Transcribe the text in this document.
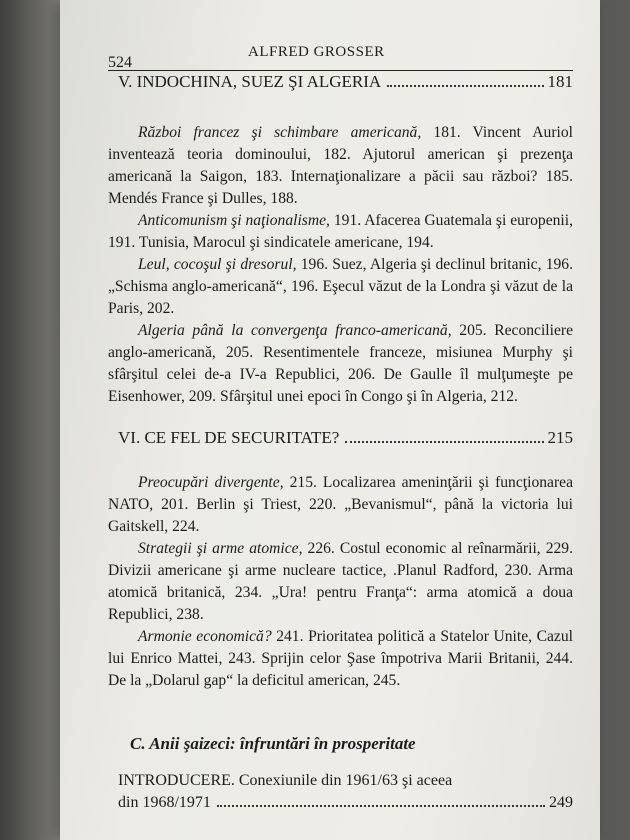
524
ALFRED GROSSER
V. INDOCHINA, SUEZ ŞI ALGERIA	181

Război francez şi schimbare americană, 181. Vincent Auriol inventează teoria dominoului, 182. Ajutorul american şi prezenţa americană la Saigon, 183. Internaţionalizare a păcii sau război? 185. Mendés France şi Dulles, 188.

Anticomunism şi naţionalisme, 191. Afacerea Guatemala şi europenii, 191. Tunisia, Marocul şi sindicatele americane, 194.

Leul, cocoşul şi dresorul, 196. Suez, Algeria şi declinul britanic, 196. „Schisma anglo-americană“, 196. Eşecul văzut de la Londra şi văzut de la Paris, 202.

Algeria până la convergenţa franco-americană, 205. Reconciliere anglo-americană, 205. Resentimentele franceze, misiunea Murphy şi sfârşitul celei de-a IV-a Republici, 206. De Gaulle îl mulţumeşte pe Eisenhower, 209. Sfârşitul unei epoci în Congo şi în Algeria, 212.

VI. CE FEL DE SECURITATE?	215

Preocupări divergente, 215. Localizarea ameninţării şi funcţionarea NATO, 201. Berlin şi Triest, 220. „Bevanismul“, până la victoria lui Gaitskell, 224.

Strategii şi arme atomice, 226. Costul economic al reînarmării, 229. Divizii americane şi arme nucleare tactice, .Planul Radford, 230. Arma atomică britanică, 234. „Ura! pentru Franţa“: arma atomică a doua Republici, 238.

Armonie economică? 241. Prioritatea politică a Statelor Unite, Cazul lui Enrico Mattei, 243. Sprijin celor Şase împotriva Marii Britanii, 244. De la „Dolarul gap“ la deficitul american, 245.

C. Anii şaizeci: înfruntări în prosperitate
INTRODUCERE. Conexiunile din 1961/63 şi aceea
din 1968/1971	249
